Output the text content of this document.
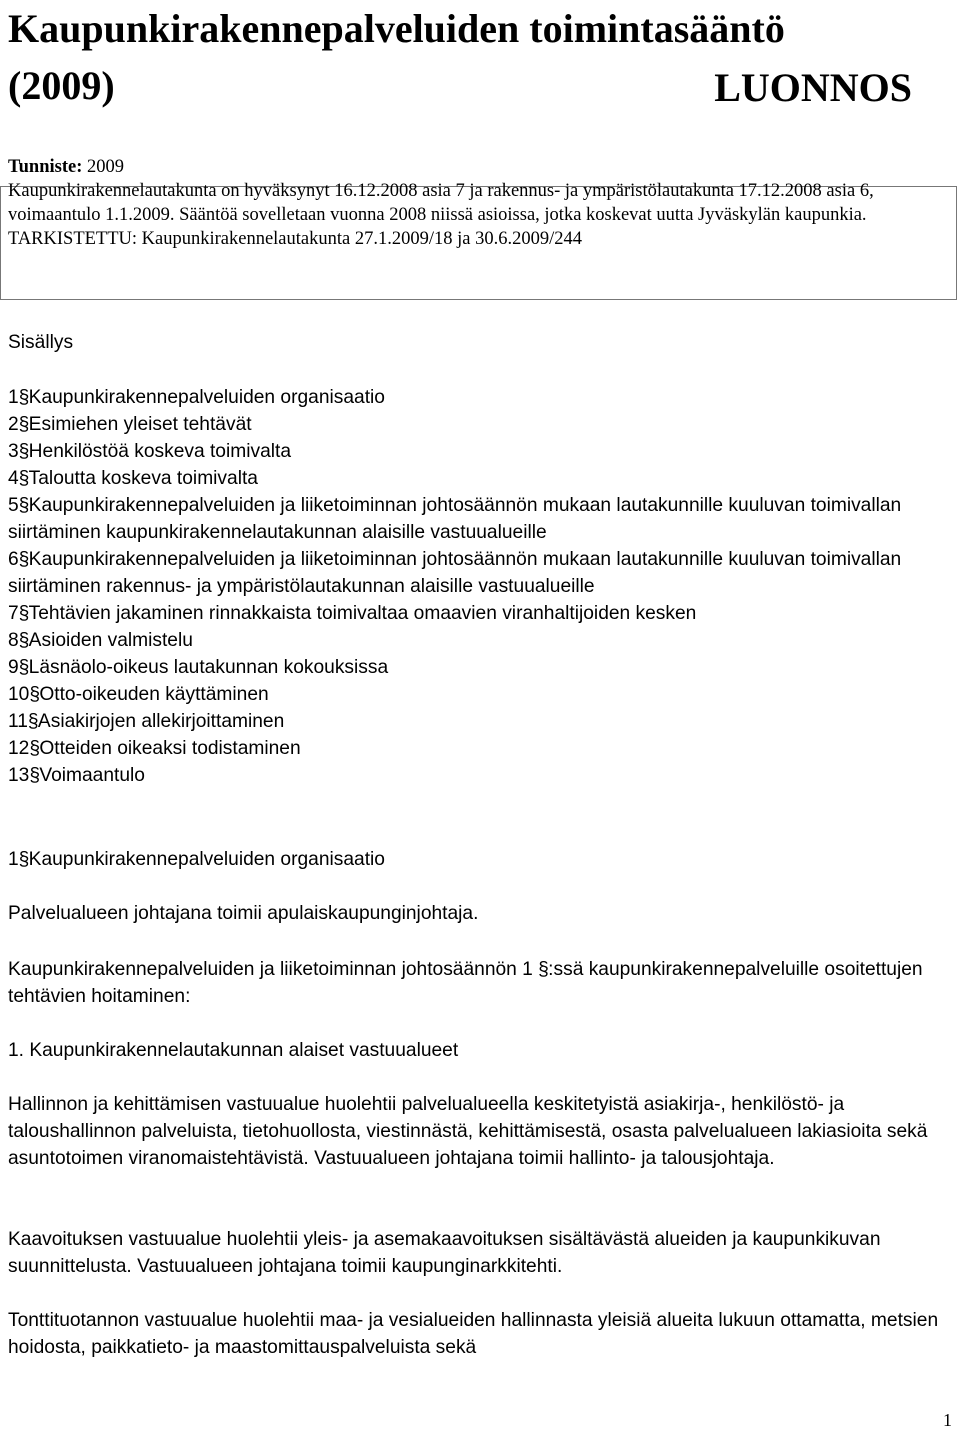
Kaupunkirakennepalveluiden toimintasääntö
(2009)	LUONNOS

Tunniste: 2009

Kaupunkirakennelautakunta on hyväksynyt 16.12.2008 asia 7 ja rakennus- ja ympäristölautakunta 17.12.2008 asia 6, voimaantulo 1.1.2009. Sääntöä sovelletaan vuonna 2008 niissä asioissa, jotka koskevat uutta Jyväskylän kaupunkia.

TARKISTETTU: Kaupunkirakennelautakunta 27.1.2009/18 ja 30.6.2009/244

Sisällys

1§Kaupunkirakennepalveluiden organisaatio

2§Esimiehen yleiset tehtävät

3§Henkilöstöä koskeva toimivalta

4§Taloutta koskeva toimivalta

5§Kaupunkirakennepalveluiden ja liiketoiminnan johtosäännön mukaan lautakunnille kuuluvan toimivallan siirtäminen kaupunkirakennelautakunnan alaisille vastuualueille

6§Kaupunkirakennepalveluiden ja liiketoiminnan johtosäännön mukaan lautakunnille kuuluvan toimivallan siirtäminen rakennus- ja ympäristölautakunnan alaisille vastuualueille

7§Tehtävien jakaminen rinnakkaista toimivaltaa omaavien viranhaltijoiden kesken

8§Asioiden valmistelu

9§Läsnäolo-oikeus lautakunnan kokouksissa

10§Otto-oikeuden käyttäminen

11§Asiakirjojen allekirjoittaminen

12§Otteiden oikeaksi todistaminen

13§Voimaantulo

1§Kaupunkirakennepalveluiden organisaatio
Palvelualueen johtajana toimii apulaiskaupunginjohtaja.
Kaupunkirakennepalveluiden ja liiketoiminnan johtosäännön 1 §:ssä kaupunkirakennepalveluille osoitettujen tehtävien hoitaminen:
1. Kaupunkirakennelautakunnan alaiset vastuualueet
Hallinnon ja kehittämisen vastuualue huolehtii palvelualueella keskitetyistä asiakirja-, henkilöstö- ja taloushallinnon palveluista, tietohuollosta, viestinnästä, kehittämisestä, osasta palvelualueen lakiasioita sekä asuntotoimen viranomaistehtävistä. Vastuualueen johtajana toimii hallinto- ja talousjohtaja.
Kaavoituksen vastuualue huolehtii yleis- ja asemakaavoituksen sisältävästä alueiden ja kaupunkikuvan suunnittelusta. Vastuualueen johtajana toimii kaupunginarkkitehti.
Tonttituotannon vastuualue huolehtii maa- ja vesialueiden hallinnasta yleisiä alueita lukuun ottamatta, metsien hoidosta, paikkatieto- ja maastomittauspalveluista sekä
1
